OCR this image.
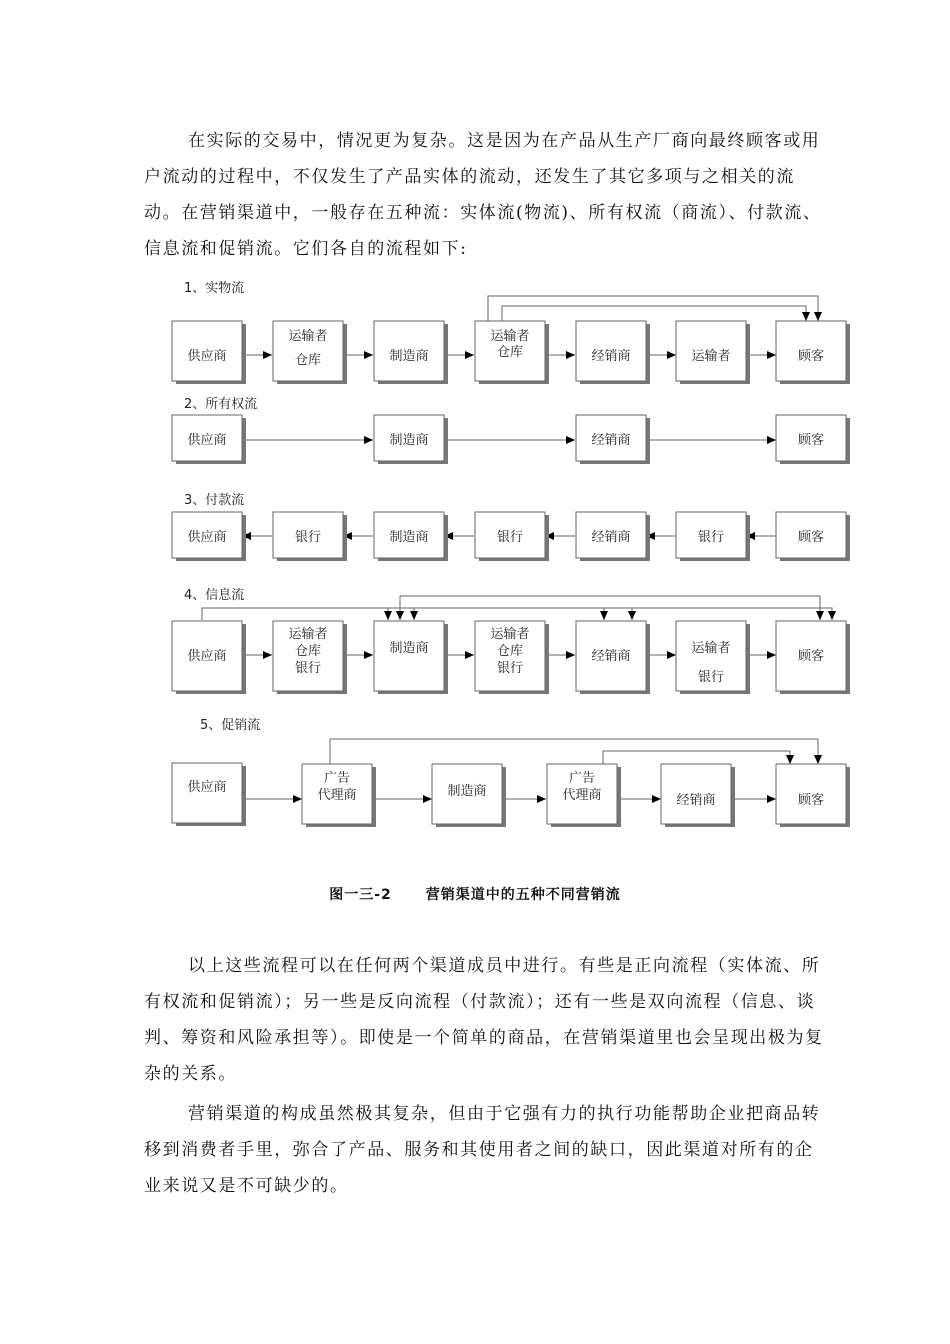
在实际的交易中，情况更为复杂。这是因为在产品从生产厂商向最终顾客或用户流动的过程中，不仅发生了产品实体的流动，还发生了其它多项与之相关的流动。在营销渠道中，一般存在五种流：实体流(物流)、所有权流（商流）、付款流、信息流和促销流。它们各自的流程如下:

1、实物流
2、所有权流
3、付款流
4、信息流
5、促销流
供应商
运输者
仓库	制造商
运输者
仓库	经销商	运输者	顾客
供应商	制造商	经销商	顾客
供应商	银行	制造商	银行	经销商	银行	顾客
供应商
运输者
仓库
银行
制造商
运输者
仓库
银行
经销商
运输者
银行
顾客
供应商
广告
代理商	制造商
广告
代理商	经销商	顾客
图一三-2 营销渠道中的五种不同营销流

以上这些流程可以在任何两个渠道成员中进行。有些是正向流程（实体流、所有权流和促销流）；另一些是反向流程（付款流）；还有一些是双向流程（信息、谈判、筹资和风险承担等）。即使是一个简单的商品，在营销渠道里也会呈现出极为复杂的关系。

营销渠道的构成虽然极其复杂，但由于它强有力的执行功能帮助企业把商品转移到消费者手里，弥合了产品、服务和其使用者之间的缺口，因此渠道对所有的企业来说又是不可缺少的。
